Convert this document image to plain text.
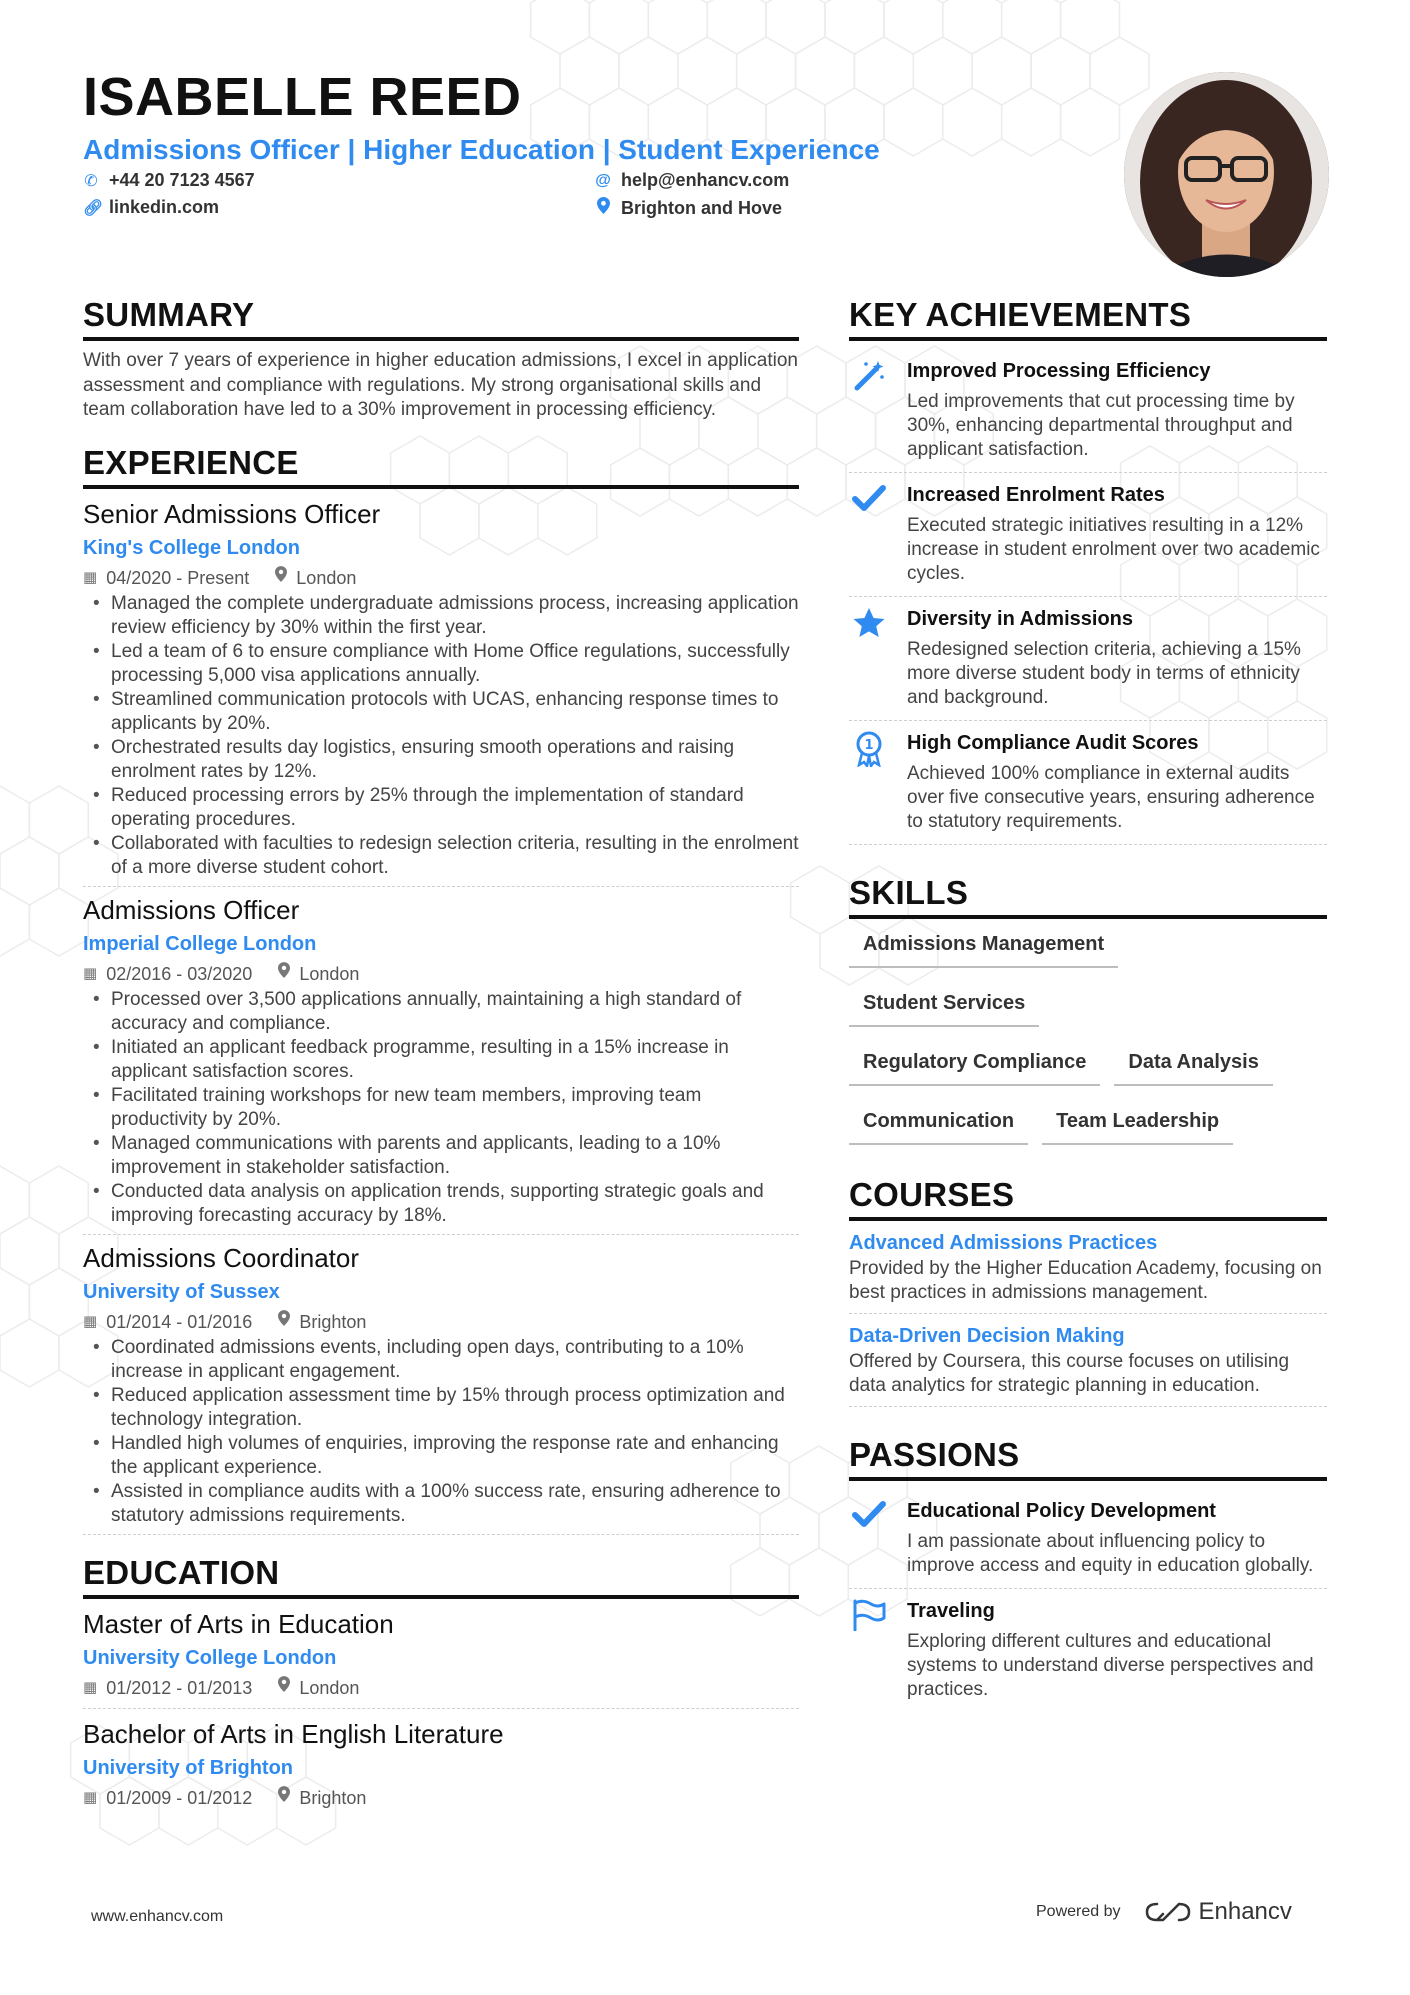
ISABELLE REED
Admissions Officer | Higher Education | Student Experience
✆ +44 20 7123 4567
🔗︎ linkedin.com
@ help@enhancv.com
Brighton and Hove
SUMMARY
With over 7 years of experience in higher education admissions, I excel in application assessment and compliance with regulations. My strong organisational skills and team collaboration have led to a 30% improvement in processing efficiency.
EXPERIENCE
Senior Admissions Officer
King's College London
▦ 04/2020 - Present	London
• Managed the complete undergraduate admissions process, increasing application review efficiency by 30% within the first year.
• Led a team of 6 to ensure compliance with Home Office regulations, successfully processing 5,000 visa applications annually.
• Streamlined communication protocols with UCAS, enhancing response times to applicants by 20%.
• Orchestrated results day logistics, ensuring smooth operations and raising enrolment rates by 12%.
• Reduced processing errors by 25% through the implementation of standard operating procedures.
• Collaborated with faculties to redesign selection criteria, resulting in the enrolment of a more diverse student cohort.
Admissions Officer
Imperial College London
▦ 02/2016 - 03/2020	London
• Processed over 3,500 applications annually, maintaining a high standard of accuracy and compliance.
• Initiated an applicant feedback programme, resulting in a 15% increase in applicant satisfaction scores.
• Facilitated training workshops for new team members, improving team productivity by 20%.
• Managed communications with parents and applicants, leading to a 10% improvement in stakeholder satisfaction.
• Conducted data analysis on application trends, supporting strategic goals and improving forecasting accuracy by 18%.
Admissions Coordinator
University of Sussex
▦ 01/2014 - 01/2016	Brighton
• Coordinated admissions events, including open days, contributing to a 10% increase in applicant engagement.
• Reduced application assessment time by 15% through process optimization and technology integration.
• Handled high volumes of enquiries, improving the response rate and enhancing the applicant experience.
• Assisted in compliance audits with a 100% success rate, ensuring adherence to statutory admissions requirements.
EDUCATION
Master of Arts in Education
University College London
▦ 01/2012 - 01/2013	London
Bachelor of Arts in English Literature
University of Brighton
▦ 01/2009 - 01/2012	Brighton
KEY ACHIEVEMENTS
Improved Processing Efficiency
Led improvements that cut processing time by 30%, enhancing departmental throughput and applicant satisfaction.
Increased Enrolment Rates
Executed strategic initiatives resulting in a 12% increase in student enrolment over two academic cycles.
Diversity in Admissions
Redesigned selection criteria, achieving a 15% more diverse student body in terms of ethnicity and background.
1 High Compliance Audit Scores
Achieved 100% compliance in external audits over five consecutive years, ensuring adherence to statutory requirements.
SKILLS
Admissions Management
Student Services
Regulatory Compliance	Data Analysis
Communication	Team Leadership
COURSES
Advanced Admissions Practices
Provided by the Higher Education Academy, focusing on best practices in admissions management.
Data-Driven Decision Making
Offered by Coursera, this course focuses on utilising data analytics for strategic planning in education.
PASSIONS
Educational Policy Development
I am passionate about influencing policy to improve access and equity in education globally.
Traveling
Exploring different cultures and educational systems to understand diverse perspectives and practices.
www.enhancv.com	Powered by	Enhancv
